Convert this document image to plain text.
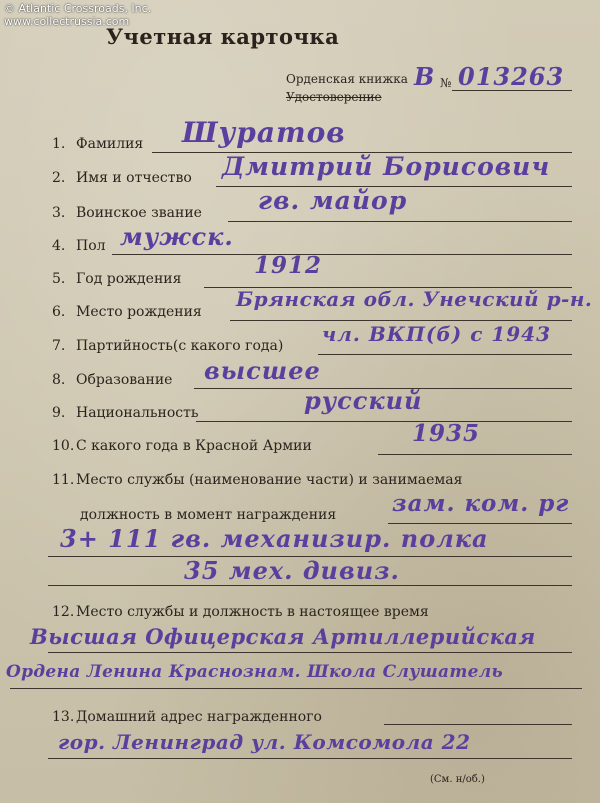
© Atlantic Crossroads, Inc.
www.collectrussia.com
Учетная карточка
Орденская книжка
Удостоверение
В № 013263
1. Фамилия Шуратов
2. Имя и отчество Дмитрий Борисович
3. Воинское звание гв. майор
4. Пол мужск.
5. Год рождения	1912
6. Место рождения
Брянская обл. Унечский р-н.
7. Партийность(с какого года) чл. ВКП(б) с 1943
8. Образование высшее
9. Национальность	русский
10. С какого года в Красной Армии	1935
11. Место службы (наименование части) и занимаемая
должность в момент награждения зам. ком. рг
3+ 111 гв. механизир. полка
35 мех. дивиз.
12. Место службы и должность в настоящее время
Высшая Офицерская Артиллерийская
Ордена Ленина Краснознам. Школа Слушатель
13. Домашний адрес награжденного
гор. Ленинград ул. Комсомола 22
(См. н/об.)
